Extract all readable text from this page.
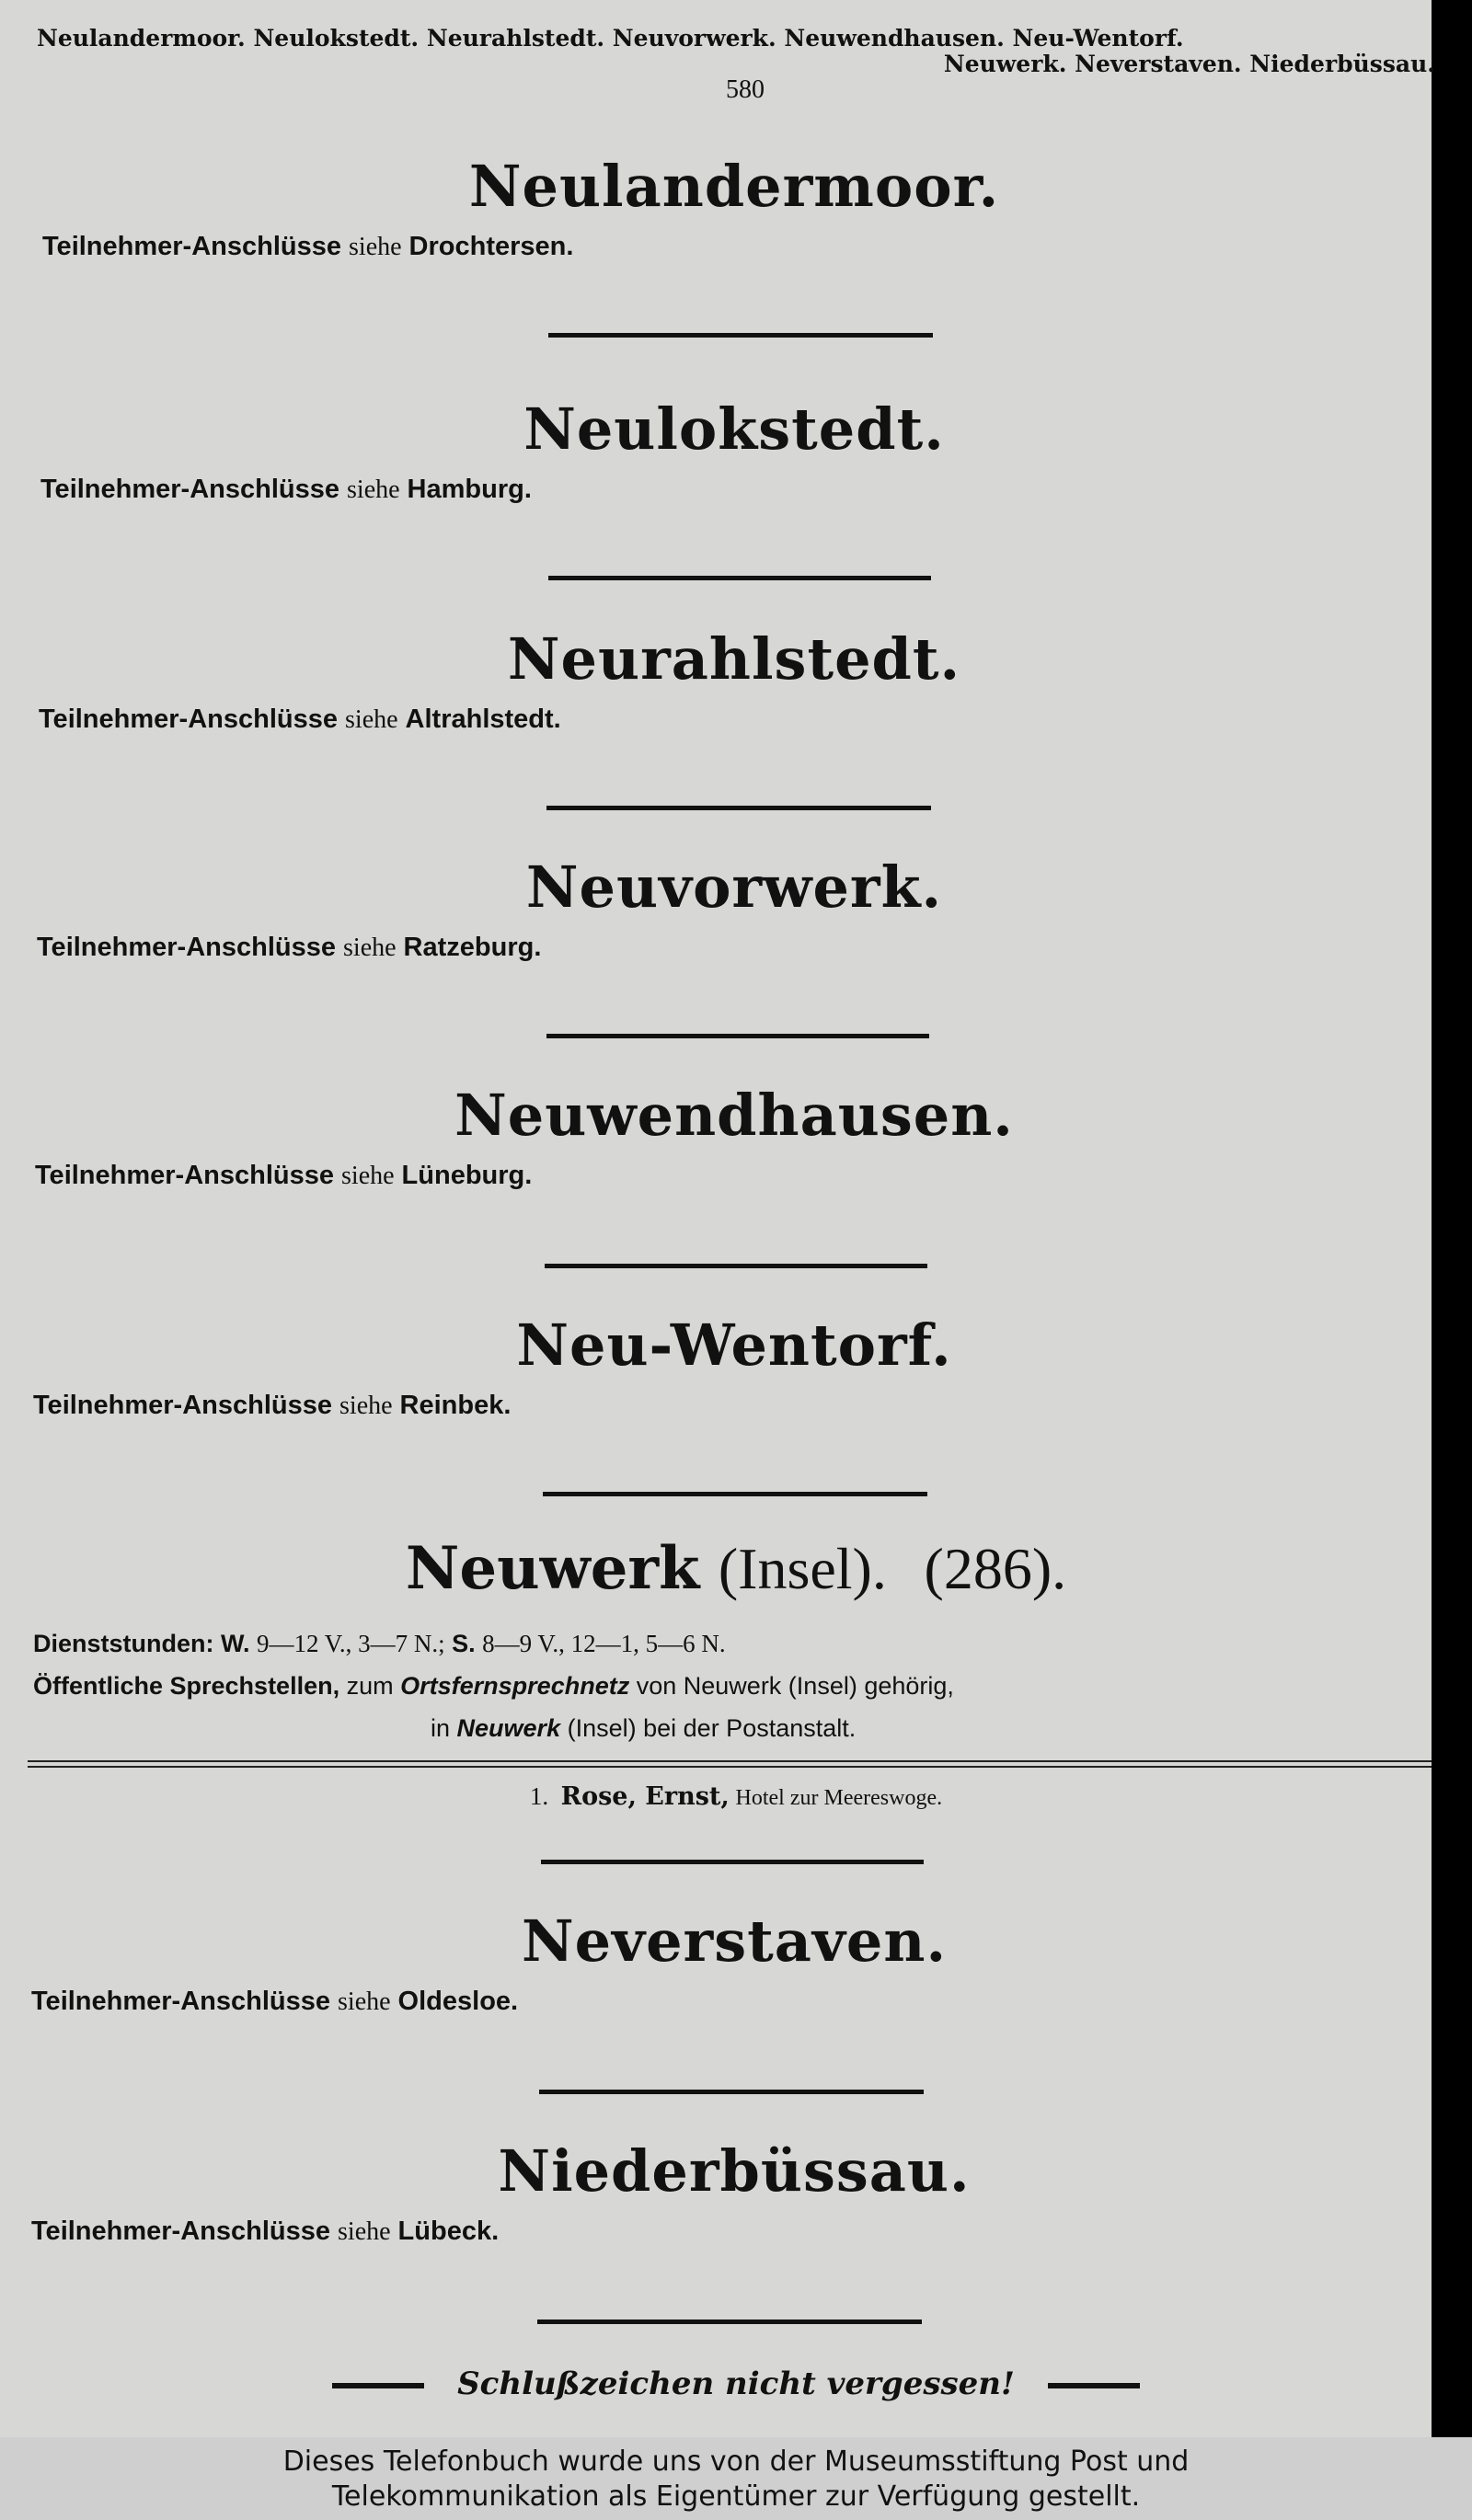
Neulandermoor. Neulokstedt. Neurahlstedt. Neuvorwerk. Neuwendhausen. Neu-Wentorf.
Neuwerk. Neverstaven. Niederbüssau.
580
Neulandermoor.
Teilnehmer-Anschlüsse siehe Drochtersen.
Neulokstedt.
Teilnehmer-Anschlüsse siehe Hamburg.
Neurahlstedt.
Teilnehmer-Anschlüsse siehe Altrahlstedt.
Neuvorwerk.
Teilnehmer-Anschlüsse siehe Ratzeburg.
Neuwendhausen.
Teilnehmer-Anschlüsse siehe Lüneburg.
Neu-Wentorf.
Teilnehmer-Anschlüsse siehe Reinbek.
Neuwerk (Insel). (286).
Dienststunden: W. 9—12 V., 3—7 N.; S. 8—9 V., 12—1, 5—6 N.
Öffentliche Sprechstellen, zum Ortsfernsprechnetz von Neuwerk (Insel) gehörig,
in Neuwerk (Insel) bei der Postanstalt.
1. Rose, Ernst, Hotel zur Meereswoge.
Neverstaven.
Teilnehmer-Anschlüsse siehe Oldesloe.
Niederbüssau.
Teilnehmer-Anschlüsse siehe Lübeck.
Schlußzeichen nicht vergessen!
Dieses Telefonbuch wurde uns von der Museumsstiftung Post und
Telekommunikation als Eigentümer zur Verfügung gestellt.
